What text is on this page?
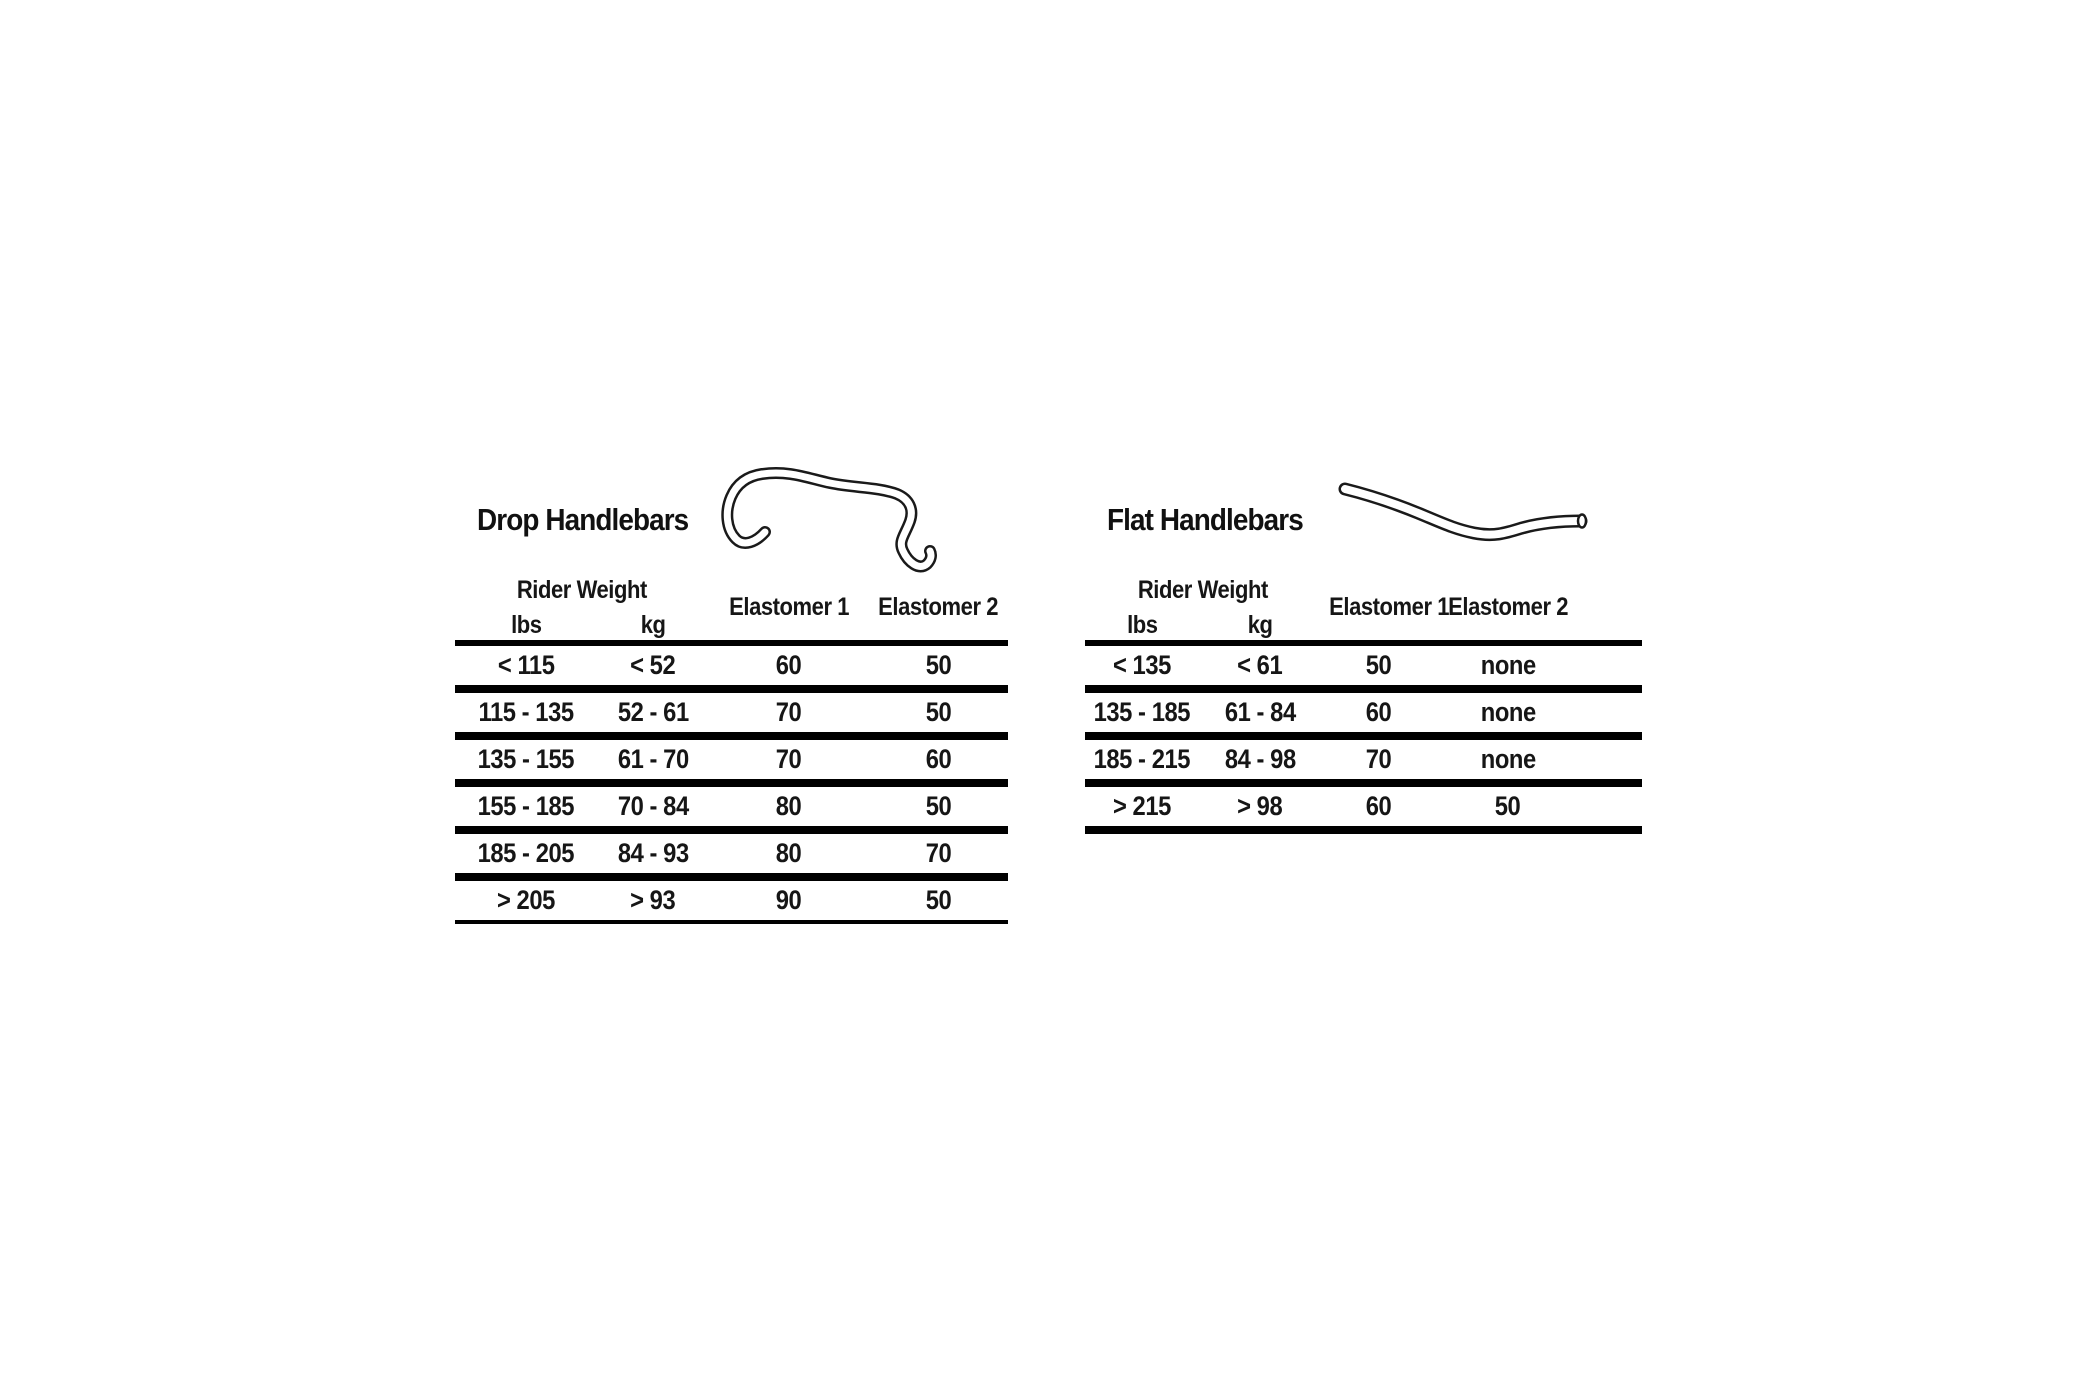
Drop Handlebars
Rider Weight
lbs	kg
Elastomer 1	Elastomer 2
< 115	< 52	60	50
115 - 135	52 - 61	70	50
135 - 155	61 - 70	70	60
155 - 185	70 - 84	80	50
185 - 205	84 - 93	80	70
> 205	> 93	90	50
Flat Handlebars
Rider Weight
lbs	kg
Elastomer 1
Elastomer 2
< 135	< 61	50	none
135 - 185	61 - 84	60	none
185 - 215	84 - 98	70	none
> 215	> 98	60	50
